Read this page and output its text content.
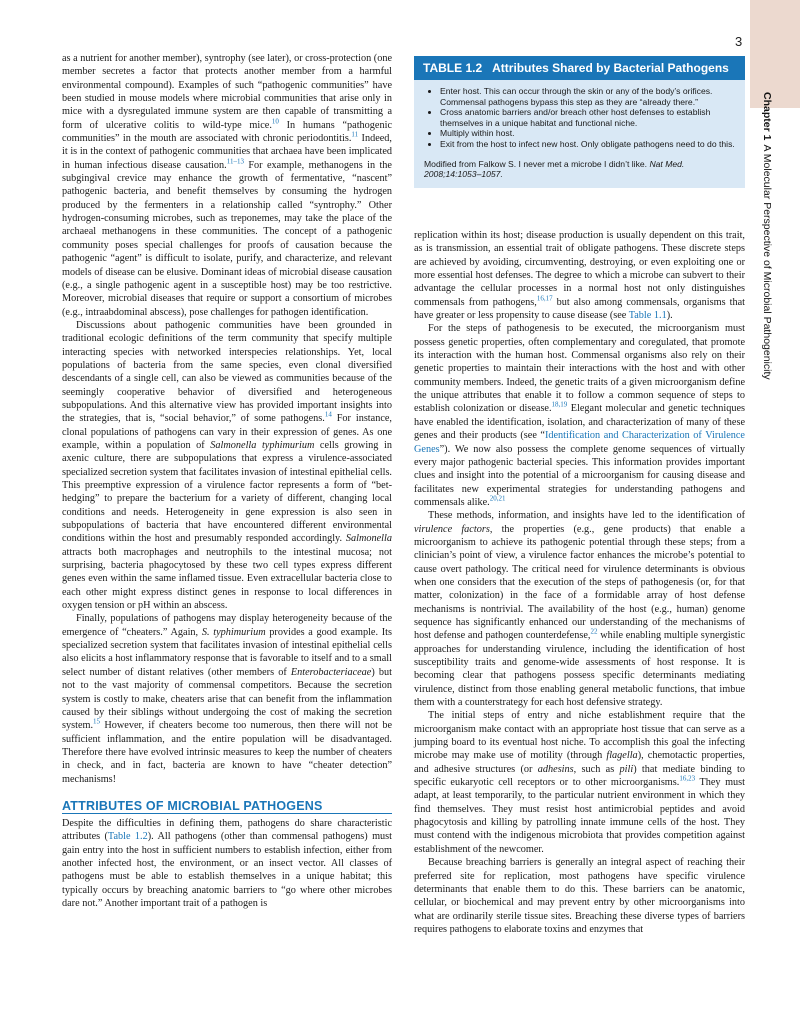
3
Chapter 1A Molecular Perspective of Microbial Pathogenicity

as a nutrient for another member), syntrophy (see later), or cross-protection (one member secretes a factor that protects another member from a harmful environmental compound). Examples of such “pathogenic communities” have been studied in mouse models where microbial communities that arise only in mice with a dysregulated immune system are then capable of transmitting a form of ulcerative colitis to wild-type mice.$^{10}$ In humans “pathogenic communities” in the mouth are associated with chronic periodontitis.$^{11}$ Indeed, it is in the context of pathogenic communities that archaea have been implicated in human infectious disease causation.$^{11-13}$ For example, methanogens in the subgingival crevice may enhance the growth of fermentative, “nascent” pathogenic bacteria, and benefit themselves by consuming the hydrogen produced by the fermenters in a relationship called “syntrophy.” Other hydrogen-consuming microbes, such as treponemes, may take the place of the archaeal methanogens in these communities. The concept of a pathogenic community poses special challenges for proofs of causation because the pathogenic “agent” is difficult to isolate, purify, and characterize, and relevant models of disease can be elusive. Dominant ideas of microbial disease causation (e.g., a single pathogenic agent in a susceptible host) may be too restrictive. Moreover, microbial diseases that require or support a consortium of microbes (e.g., intraabdominal abscess), pose challenges for pathogen identification.

Discussions about pathogenic communities have been grounded in traditional ecologic definitions of the term community that specify multiple interacting species with networked interspecies relationships. Yet, local populations of bacteria from the same species, even clonal diversified descendants of a single cell, can also be viewed as communities because of the seemingly cooperative behavior of diversified and heterogeneous subpopulations. And this alternative view has provided important insights into the strategies, that is, “social behavior,” of some pathogens.$^{14}$ For instance, clonal populations of pathogens can vary in their expression of genes. As one example, within a population of Salmonella typhimurium cells growing in axenic culture, there are subpopulations that express a virulence-associated specialized secretion system that facilitates invasion of intestinal epithelial cells. This preemptive expression of a virulence factor represents a form of “bet-hedging” to prepare the bacterium for a variety of different, changing local conditions and needs. Heterogeneity in gene expression is also seen in subpopulations of bacteria that have encountered different environmental conditions within the host and presumably responded accordingly. Salmonella attracts both macrophages and neutrophils to the intestinal mucosa; not surprising, bacteria phagocytosed by these two cell types express different genes even within the same inflamed tissue. Even extracellular bacteria close to each other might express distinct genes in response to local differences in oxygen tension or pH within an abscess.

Finally, populations of pathogens may display heterogeneity because of the emergence of “cheaters.” Again, S. typhimurium provides a good example. Its specialized secretion system that facilitates invasion of intestinal epithelial cells also elicits a host inflammatory response that is favorable to itself and to a small select number of distant relatives (other members of Enterobacteriaceae) but not to the vast majority of commensal competitors. Because the secretion system is costly to make, cheaters arise that can benefit from the inflammation caused by their siblings without undergoing the cost of making the secretion system.$^{15}$ However, if cheaters become too numerous, then there will not be sufficient inflammation, and the entire population will be disadvantaged. Therefore there have evolved intrinsic measures to keep the number of cheaters in check, and in fact, bacteria are known to have “cheater detection” mechanisms!

ATTRIBUTES OF MICROBIAL PATHOGENS

Despite the difficulties in defining them, pathogens do share characteristic attributes (Table 1.2). All pathogens (other than commensal pathogens) must gain entry into the host in sufficient numbers to establish infection, either from another infected host, the environment, or an insect vector. All classes of pathogens must be able to establish themselves in a unique habitat; this typically occurs by breaching anatomic barriers to “go where other microbes dare not.” Another important trait of a pathogen is

TABLE 1.2 Attributes Shared by Bacterial Pathogens
• Enter host. This can occur through the skin or any of the body’s orifices. Commensal pathogens bypass this step as they are “already there.”
• Cross anatomic barriers and/or breach other host defenses to establish themselves in a unique habitat and functional niche.
• Multiply within host.
• Exit from the host to infect new host. Only obligate pathogens need to do this.
Modified from Falkow S. I never met a microbe I didn’t like. Nat Med. 2008;14:1053–1057.

replication within its host; disease production is usually dependent on this trait, as is transmission, an essential trait of obligate pathogens. These discrete steps are achieved by avoiding, circumventing, destroying, or even exploiting one or more essential host defenses. The degree to which a microbe can subvert to their advantage the cellular processes in a normal host not only distinguishes commensals from pathogens,$^{16,17}$ but also among commensals, organisms that have greater or less propensity to cause disease (see Table 1.1).

For the steps of pathogenesis to be executed, the microorganism must possess genetic properties, often complementary and coregulated, that promote its interaction with the human host. Commensal organisms also rely on their genetic properties to maintain their interactions with the host and with other community members. Indeed, the genetic traits of a given microorganism define the unique attributes that enable it to follow a common sequence of steps to establish colonization or disease.$^{18,19}$ Elegant molecular and genetic techniques have enabled the identification, isolation, and characterization of many of these genes and their products (see “Identification and Characterization of Virulence Genes”). We now also possess the complete genome sequences of virtually every major pathogenic bacterial species. This information provides important clues and insight into the potential of a microorganism for causing disease and facilitates new experimental strategies for understanding pathogens and commensals alike.$^{20,21}$

These methods, information, and insights have led to the identification of virulence factors, the properties (e.g., gene products) that enable a microorganism to achieve its pathogenic potential through these steps; from a clinician’s point of view, a virulence factor enhances the microbe’s potential to cause overt pathology. The critical need for virulence determinants is obvious when one considers that the execution of the steps of pathogenesis (or, for that matter, colonization) in the face of a formidable array of host defense mechanisms is nontrivial. The availability of the host (e.g., human) genome sequence has significantly enhanced our understanding of the mechanisms of host defense and pathogen counterdefense,$^{22}$ while enabling multiple synergistic approaches for understanding virulence, including the identification of host susceptibility traits and genome-wide assessments of host response. It is becoming clear that pathogens possess specific determinants mediating virulence, distinct from those enabling general metabolic functions, that imbue them with a counterstrategy for each host defensive strategy.

The initial steps of entry and niche establishment require that the microorganism make contact with an appropriate host tissue that can serve as a jumping board to its eventual host niche. To accomplish this goal the infecting microbe may make use of motility (through flagella), chemotactic properties, and adhesive structures (or adhesins, such as pili) that mediate binding to specific eukaryotic cell receptors or to other microorganisms.$^{16,23}$ They must adapt, at least temporarily, to the particular nutrient environment in which they find themselves. They must resist host antimicrobial peptides and avoid phagocytosis and killing by patrolling innate immune cells of the host. They must contend with the indigenous microbiota that provides competition against establishment of the newcomer.

Because breaching barriers is generally an integral aspect of reaching their preferred site for replication, most pathogens have specific virulence determinants that enable them to do this. These barriers can be anatomic, cellular, or biochemical and may prevent entry by other microorganisms into what are ordinarily sterile tissue sites. Breaching these diverse types of barriers requires pathogens to elaborate toxins and enzymes that
